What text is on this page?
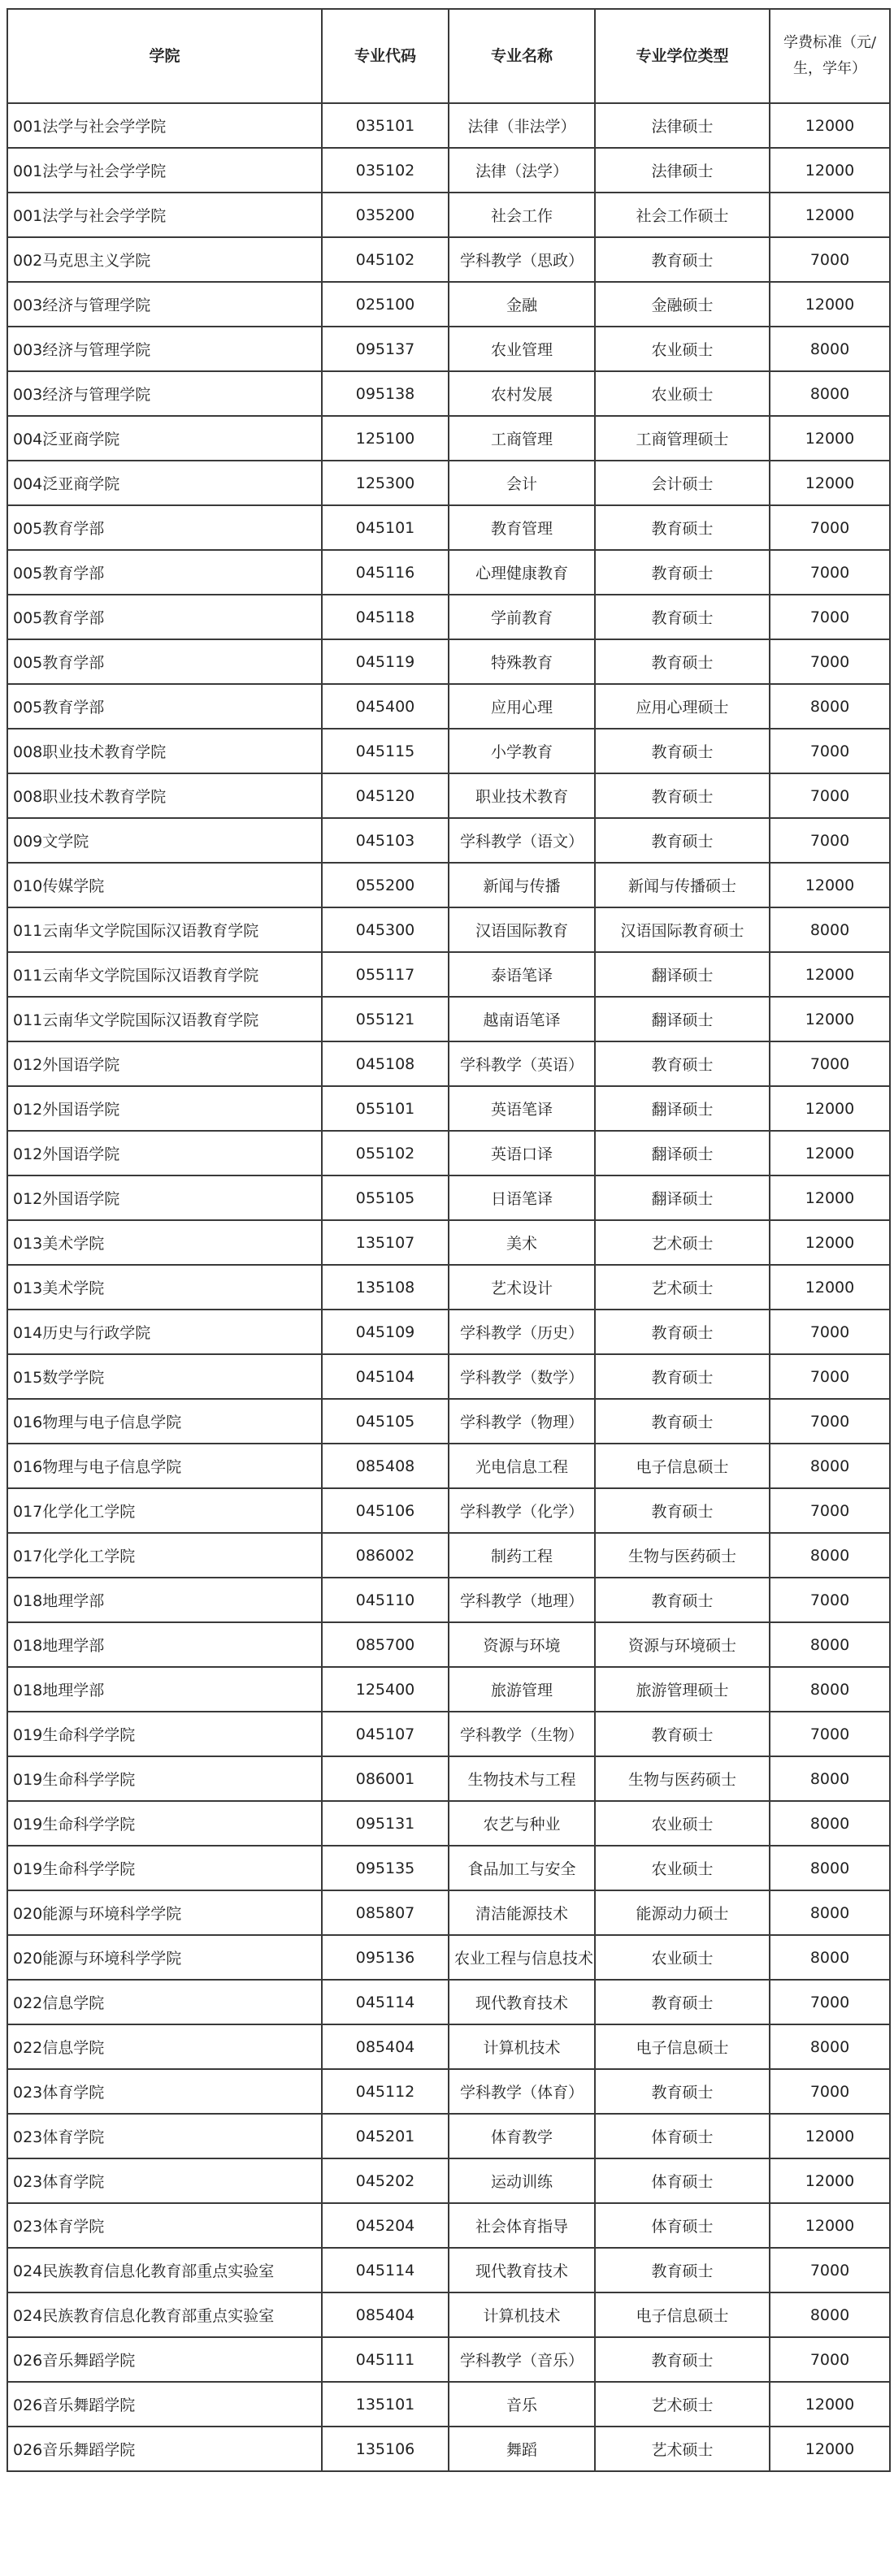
学院	专业代码	专业名称	专业学位类型	学费标准（元/生，学年）
001法学与社会学学院	035101	法律（非法学）	法律硕士	12000
001法学与社会学学院	035102	法律（法学）	法律硕士	12000
001法学与社会学学院	035200	社会工作	社会工作硕士	12000
002马克思主义学院	045102	学科教学（思政）	教育硕士	7000
003经济与管理学院	025100	金融	金融硕士	12000
003经济与管理学院	095137	农业管理	农业硕士	8000
003经济与管理学院	095138	农村发展	农业硕士	8000
004泛亚商学院	125100	工商管理	工商管理硕士	12000
004泛亚商学院	125300	会计	会计硕士	12000
005教育学部	045101	教育管理	教育硕士	7000
005教育学部	045116	心理健康教育	教育硕士	7000
005教育学部	045118	学前教育	教育硕士	7000
005教育学部	045119	特殊教育	教育硕士	7000
005教育学部	045400	应用心理	应用心理硕士	8000
008职业技术教育学院	045115	小学教育	教育硕士	7000
008职业技术教育学院	045120	职业技术教育	教育硕士	7000
009文学院	045103	学科教学（语文）	教育硕士	7000
010传媒学院	055200	新闻与传播	新闻与传播硕士	12000
011云南华文学院国际汉语教育学院	045300	汉语国际教育	汉语国际教育硕士	8000
011云南华文学院国际汉语教育学院	055117	泰语笔译	翻译硕士	12000
011云南华文学院国际汉语教育学院	055121	越南语笔译	翻译硕士	12000
012外国语学院	045108	学科教学（英语）	教育硕士	7000
012外国语学院	055101	英语笔译	翻译硕士	12000
012外国语学院	055102	英语口译	翻译硕士	12000
012外国语学院	055105	日语笔译	翻译硕士	12000
013美术学院	135107	美术	艺术硕士	12000
013美术学院	135108	艺术设计	艺术硕士	12000
014历史与行政学院	045109	学科教学（历史）	教育硕士	7000
015数学学院	045104	学科教学（数学）	教育硕士	7000
016物理与电子信息学院	045105	学科教学（物理）	教育硕士	7000
016物理与电子信息学院	085408	光电信息工程	电子信息硕士	8000
017化学化工学院	045106	学科教学（化学）	教育硕士	7000
017化学化工学院	086002	制药工程	生物与医药硕士	8000
018地理学部	045110	学科教学（地理）	教育硕士	7000
018地理学部	085700	资源与环境	资源与环境硕士	8000
018地理学部	125400	旅游管理	旅游管理硕士	8000
019生命科学学院	045107	学科教学（生物）	教育硕士	7000
019生命科学学院	086001	生物技术与工程	生物与医药硕士	8000
019生命科学学院	095131	农艺与种业	农业硕士	8000
019生命科学学院	095135	食品加工与安全	农业硕士	8000
020能源与环境科学学院	085807	清洁能源技术	能源动力硕士	8000
020能源与环境科学学院	095136	农业工程与信息技术	农业硕士	8000
022信息学院	045114	现代教育技术	教育硕士	7000
022信息学院	085404	计算机技术	电子信息硕士	8000
023体育学院	045112	学科教学（体育）	教育硕士	7000
023体育学院	045201	体育教学	体育硕士	12000
023体育学院	045202	运动训练	体育硕士	12000
023体育学院	045204	社会体育指导	体育硕士	12000
024民族教育信息化教育部重点实验室	045114	现代教育技术	教育硕士	7000
024民族教育信息化教育部重点实验室	085404	计算机技术	电子信息硕士	8000
026音乐舞蹈学院	045111	学科教学（音乐）	教育硕士	7000
026音乐舞蹈学院	135101	音乐	艺术硕士	12000
026音乐舞蹈学院	135106	舞蹈	艺术硕士	12000
